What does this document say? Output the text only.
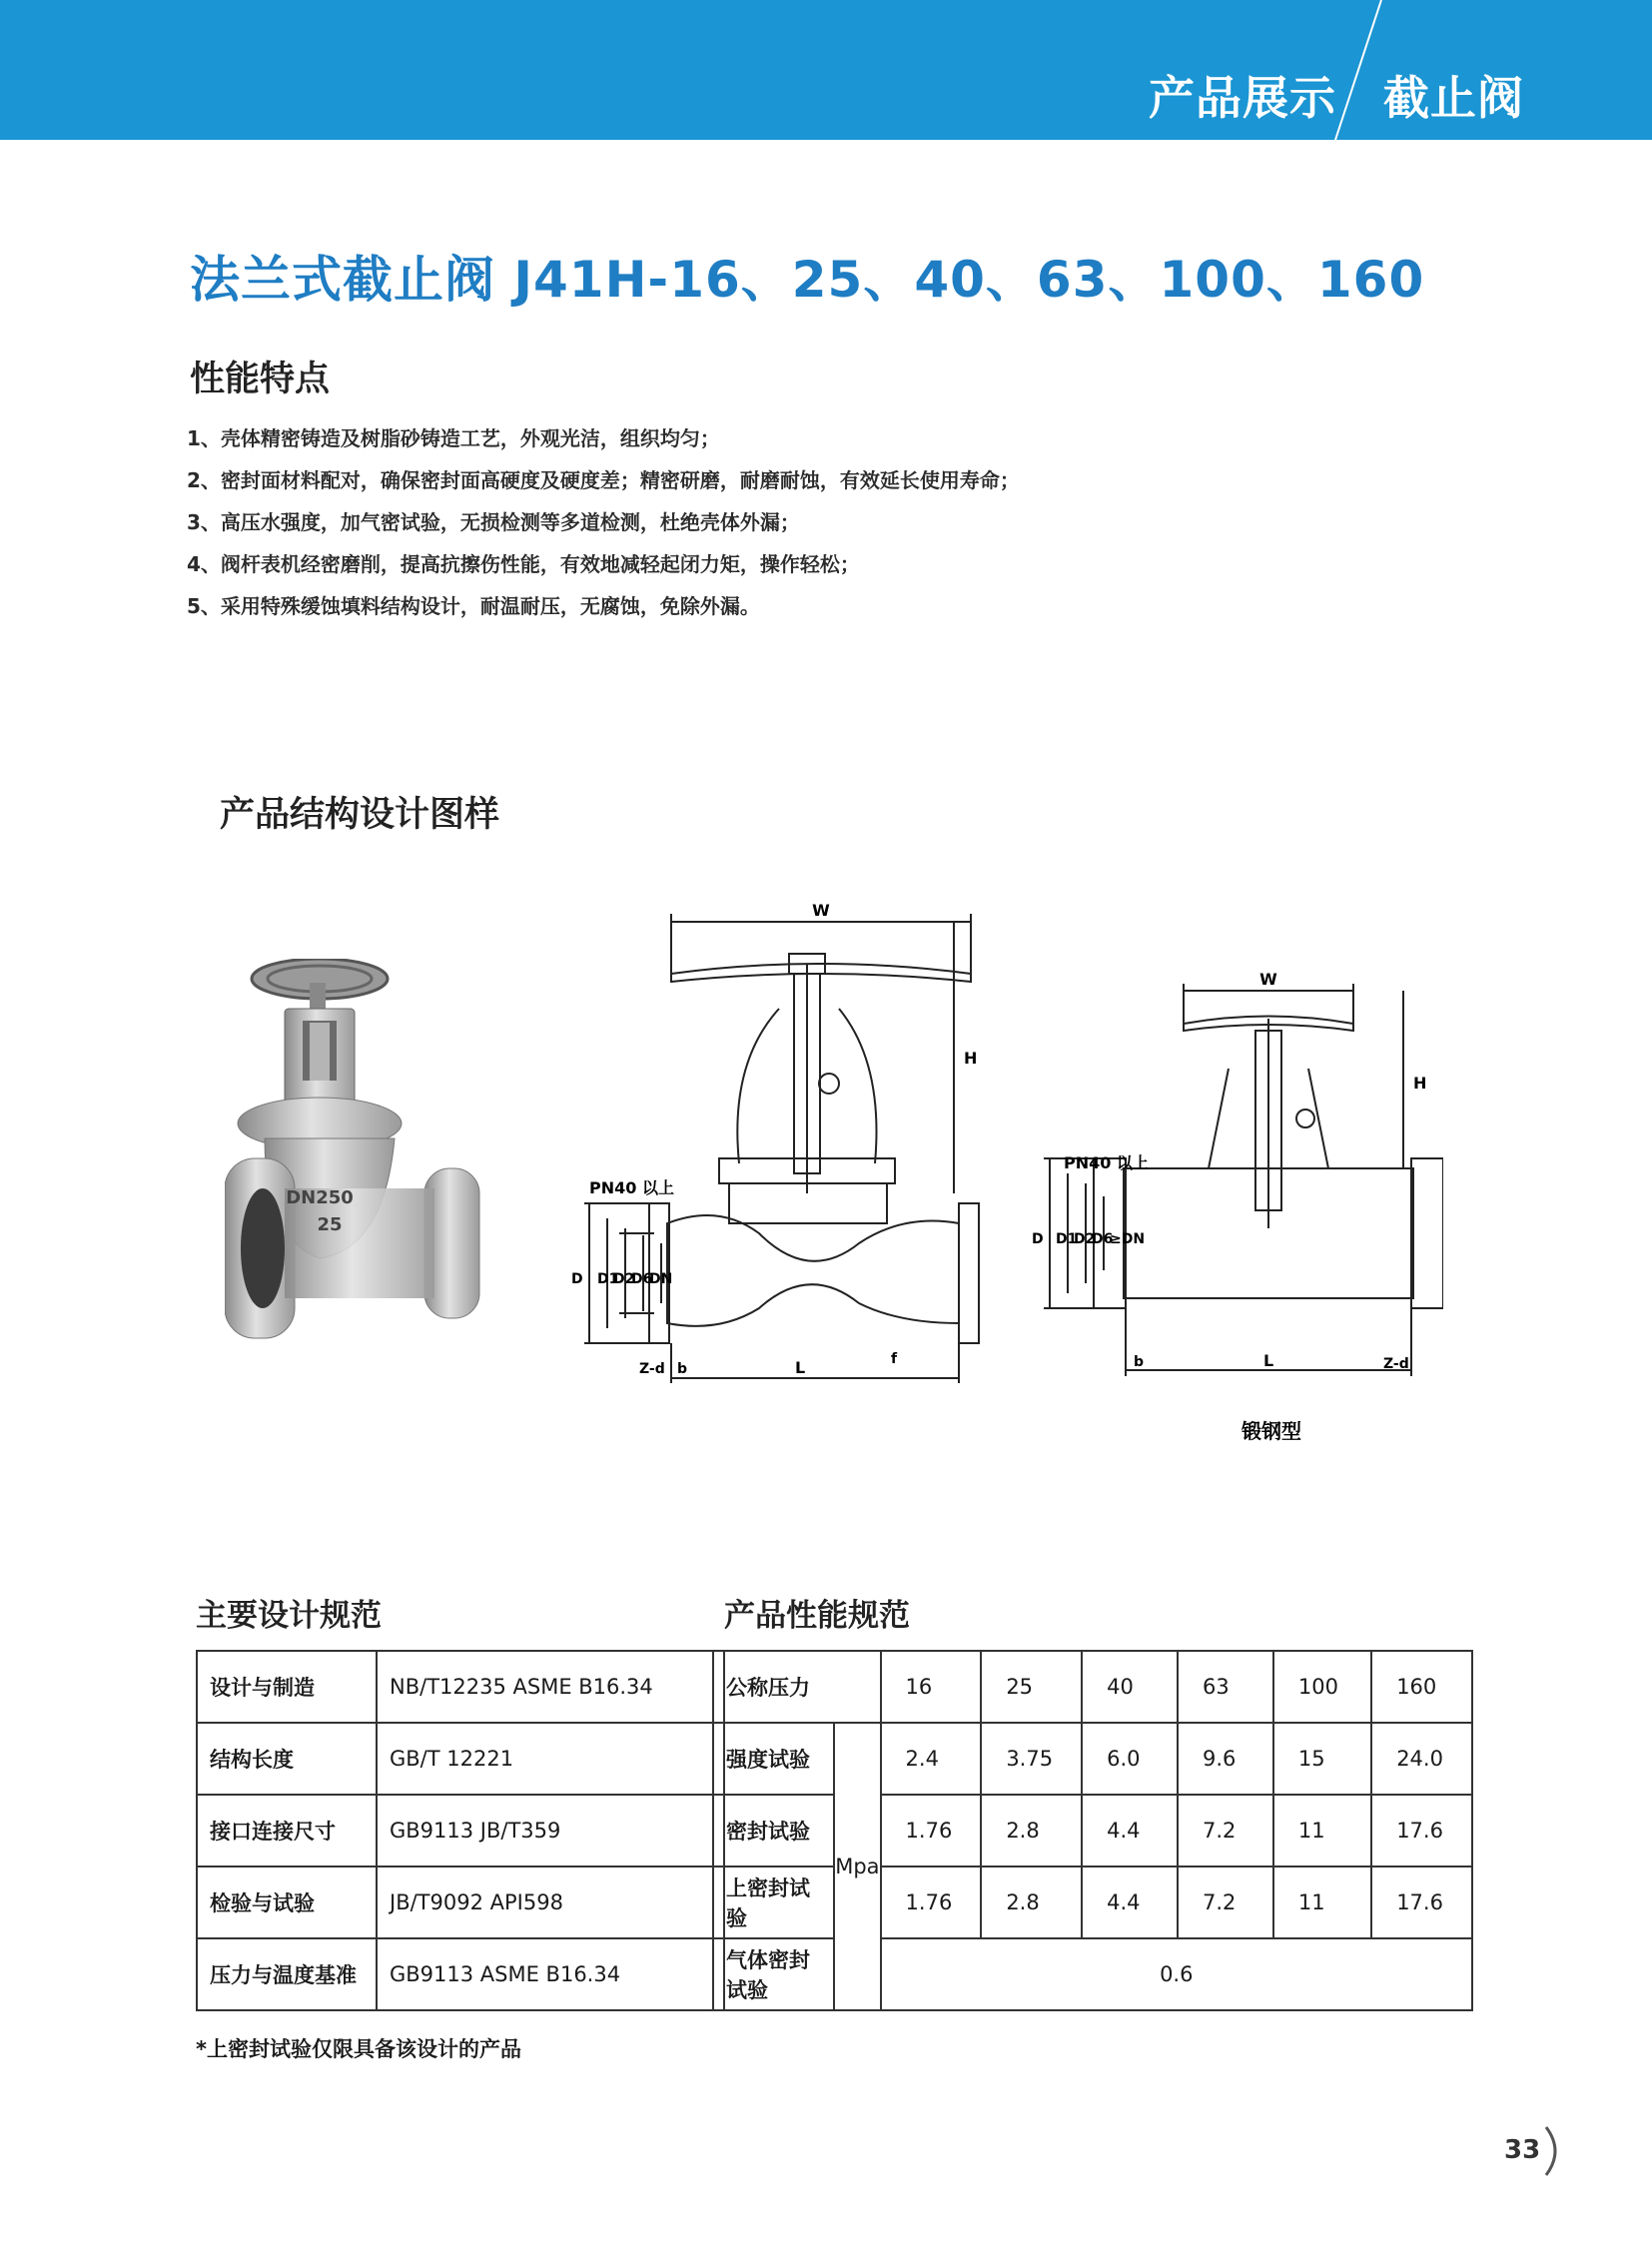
产品展示 截止阀
法兰式截止阀 J41H-16、25、40、63、100、160
性能特点
1、壳体精密铸造及树脂砂铸造工艺，外观光洁，组织均匀；
2、密封面材料配对，确保密封面高硬度及硬度差；精密研磨，耐磨耐蚀，有效延长使用寿命；
3、高压水强度，加气密试验，无损检测等多道检测，杜绝壳体外漏；
4、阀杆表机经密磨削，提高抗擦伤性能，有效地减轻起闭力矩，操作轻松；
5、采用特殊缓蚀填料结构设计，耐温耐压，无腐蚀，免除外漏。
产品结构设计图样
DN250
25
W
H
PN40 以上
D D1
D2
D6
DN
Z-d b	L	f
W
H
PN40 以上
D D1
D2
D6
≥DN
Z-d
b	L
锻钢型
主要设计规范	产品性能规范
设计与制造	NB/T12235 ASME B16.34
结构长度	GB/T 12221
接口连接尺寸	GB9113 JB/T359
检验与试验	JB/T9092 API598
压力与温度基准	GB9113 ASME B16.34
公称压力		16	25	40	63	100	160
强度试验	Mpa	2.4	3.75	6.0	9.6	15	24.0
密封试验		1.76	2.8	4.4	7.2	11	17.6
上密封试验		1.76	2.8	4.4	7.2	11	17.6
气体密封试验		0.6					
*上密封试验仅限具备该设计的产品
33
